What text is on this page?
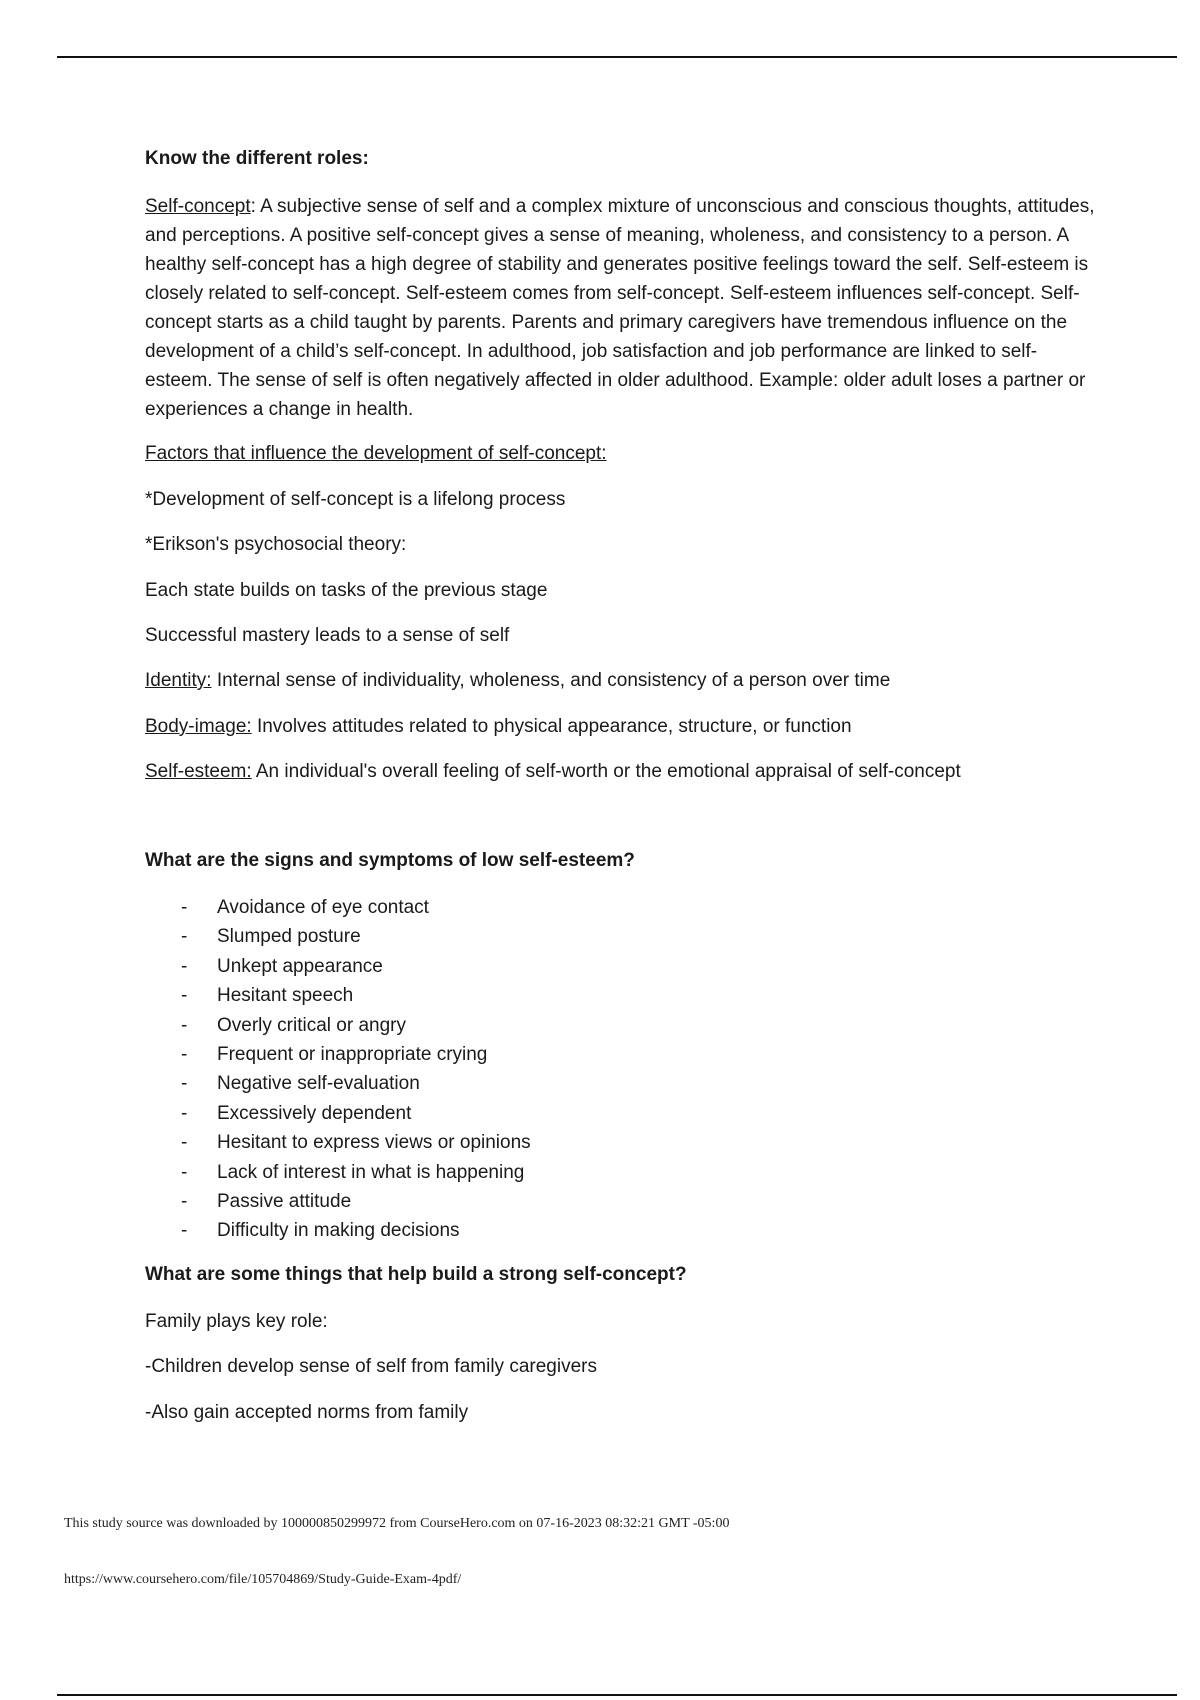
Know the different roles:

Self-concept: A subjective sense of self and a complex mixture of unconscious and conscious thoughts, attitudes, and perceptions. A positive self-concept gives a sense of meaning, wholeness, and consistency to a person. A healthy self-concept has a high degree of stability and generates positive feelings toward the self. Self-esteem is closely related to self-concept. Self-esteem comes from self-concept. Self-esteem influences self-concept. Self-concept starts as a child taught by parents. Parents and primary caregivers have tremendous influence on the development of a child’s self-concept. In adulthood, job satisfaction and job performance are linked to self-esteem. The sense of self is often negatively affected in older adulthood. Example: older adult loses a partner or experiences a change in health.

Factors that influence the development of self-concept:

*Development of self-concept is a lifelong process

*Erikson's psychosocial theory:

Each state builds on tasks of the previous stage

Successful mastery leads to a sense of self

Identity: Internal sense of individuality, wholeness, and consistency of a person over time

Body-image: Involves attitudes related to physical appearance, structure, or function

Self-esteem: An individual's overall feeling of self-worth or the emotional appraisal of self-concept

What are the signs and symptoms of low self-esteem?

- Avoidance of eye contact
- Slumped posture
- Unkept appearance
- Hesitant speech
- Overly critical or angry
- Frequent or inappropriate crying
- Negative self-evaluation
- Excessively dependent
- Hesitant to express views or opinions
- Lack of interest in what is happening
- Passive attitude
- Difficulty in making decisions

What are some things that help build a strong self-concept?

Family plays key role:

-Children develop sense of self from family caregivers

-Also gain accepted norms from family

This study source was downloaded by 100000850299972 from CourseHero.com on 07-16-2023 08:32:21 GMT -05:00
https://www.coursehero.com/file/105704869/Study-Guide-Exam-4pdf/
